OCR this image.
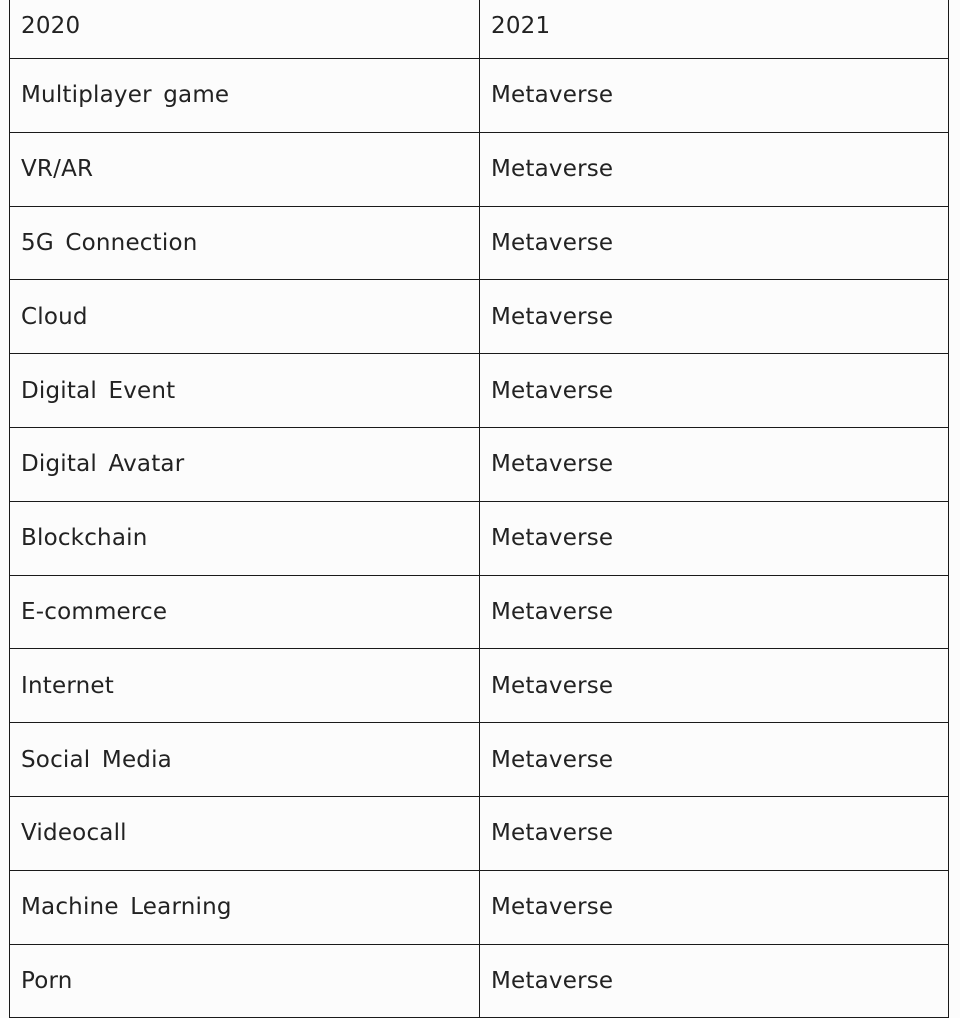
2020	2021
Multiplayer game	Metaverse
VR/AR	Metaverse
5G Connection	Metaverse
Cloud	Metaverse
Digital Event	Metaverse
Digital Avatar	Metaverse
Blockchain	Metaverse
E-commerce	Metaverse
Internet	Metaverse
Social Media	Metaverse
Videocall	Metaverse
Machine Learning	Metaverse
Porn	Metaverse
